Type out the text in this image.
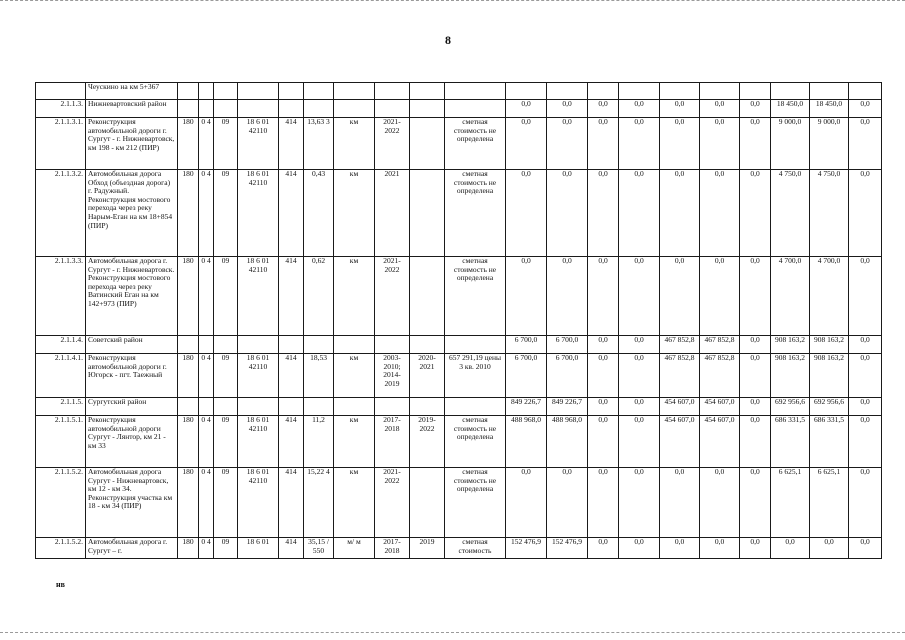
8
	Чеускино на км 5+367																					
2.1.1.3.	Нижневартовский район											0,0	0,0	0,0	0,0	0,0	0,0	0,0	18 450,0	18 450,0	0,0	
2.1.1.3.1.	Реконструкция автомобильной дороги г. Сургут - г. Нижневартовск, км 198 - км 212 (ПИР)	180	0 4	09	18 6 01 42110	414	13,63 3	км	2021-2022		сметная стоимость не определена	0,0	0,0	0,0	0,0	0,0	0,0	0,0	9 000,0	9 000,0	0,0	
2.1.1.3.2.	Автомобильная дорога Обход (объездная дорога) г. Радужный. Реконструкция мостового перехода через реку Нарым-Еган на км 18+854 (ПИР)	180	0 4	09	18 6 01 42110	414	0,43	км	2021		сметная стоимость не определена	0,0	0,0	0,0	0,0	0,0	0,0	0,0	4 750,0	4 750,0	0,0	
2.1.1.3.3.	Автомобильная дорога г. Сургут - г. Нижневартовск. Реконструкция мостового перехода через реку Ватинский Еган на км 142+973 (ПИР)	180	0 4	09	18 6 01 42110	414	0,62	км	2021-2022		сметная стоимость не определена	0,0	0,0	0,0	0,0	0,0	0,0	0,0	4 700,0	4 700,0	0,0	
2.1.1.4.	Советский район											6 700,0	6 700,0	0,0	0,0	467 852,8	467 852,8	0,0	908 163,2	908 163,2	0,0	
2.1.1.4.1.	Реконструкция автомобильной дороги г. Югорск - пгт. Таежный	180	0 4	09	18 6 01 42110	414	18,53	км	2003-2010; 2014-2019	2020-2021	657 291,19 цены 3 кв. 2010	6 700,0	6 700,0	0,0	0,0	467 852,8	467 852,8	0,0	908 163,2	908 163,2	0,0	
2.1.1.5.	Сургутский район											849 226,7	849 226,7	0,0	0,0	454 607,0	454 607,0	0,0	692 956,6	692 956,6	0,0	
2.1.1.5.1.	Реконструкция автомобильной дороги Сургут - Лянтор, км 21 - км 33	180	0 4	09	18 6 01 42110	414	11,2	км	2017-2018	2019-2022	сметная стоимость не определена	488 968,0	488 968,0	0,0	0,0	454 607,0	454 607,0	0,0	686 331,5	686 331,5	0,0	
2.1.1.5.2.	Автомобильная дорога Сургут - Нижневартовск, км 12 - км 34. Реконструкция участка км 18 - км 34 (ПИР)	180	0 4	09	18 6 01 42110	414	15,22 4	км	2021-2022		сметная стоимость не определена	0,0	0,0	0,0	0,0	0,0	0,0	0,0	6 625,1	6 625,1	0,0	
2.1.1.5.2.	Автомобильная дорога г. Сургут – г.	180	0 4	09	18 6 01	414	35,15 / 550	м/ м	2017-2018	2019	сметная стоимость	152 476,9	152 476,9	0,0	0,0	0,0	0,0	0,0	0,0	0,0	0,0	
нв
